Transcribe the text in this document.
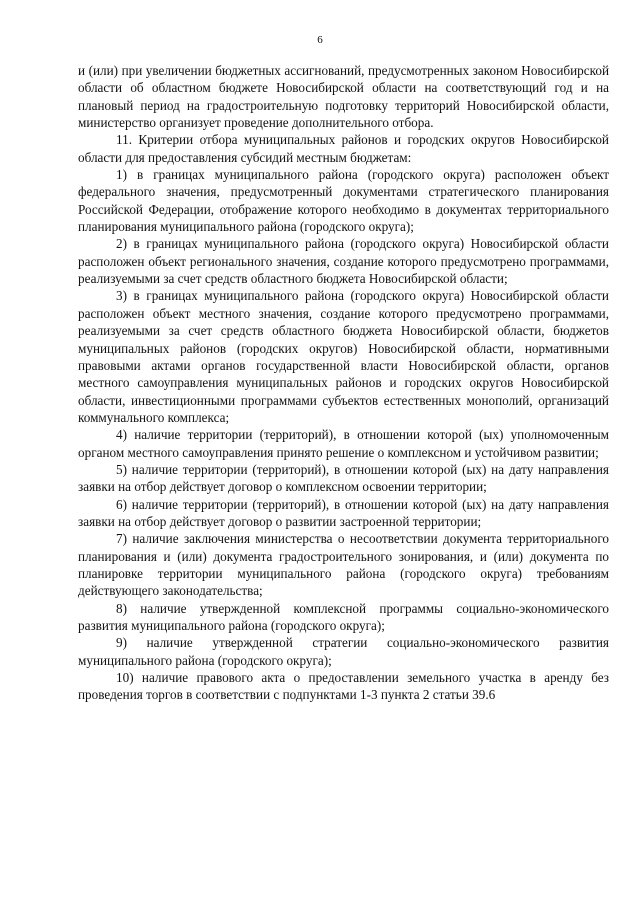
6

и (или) при увеличении бюджетных ассигнований, предусмотренных законом Новосибирской области об областном бюджете Новосибирской области на соответствующий год и на плановый период на градостроительную подготовку территорий Новосибирской области, министерство организует проведение дополнительного отбора.

11. Критерии отбора муниципальных районов и городских округов Новосибирской области для предоставления субсидий местным бюджетам:

1) в границах муниципального района (городского округа) расположен объект федерального значения, предусмотренный документами стратегического планирования Российской Федерации, отображение которого необходимо в документах территориального планирования муниципального района (городского округа);

2) в границах муниципального района (городского округа) Новосибирской области расположен объект регионального значения, создание которого предусмотрено программами, реализуемыми за счет средств областного бюджета Новосибирской области;

3) в границах муниципального района (городского округа) Новосибирской области расположен объект местного значения, создание которого предусмотрено программами, реализуемыми за счет средств областного бюджета Новосибирской области, бюджетов муниципальных районов (городских округов) Новосибирской области, нормативными правовыми актами органов государственной власти Новосибирской области, органов местного самоуправления муниципальных районов и городских округов Новосибирской области, инвестиционными программами субъектов естественных монополий, организаций коммунального комплекса;

4) наличие территории (территорий), в отношении которой (ых) уполномоченным органом местного самоуправления принято решение о комплексном и устойчивом развитии;

5) наличие территории (территорий), в отношении которой (ых) на дату направления заявки на отбор действует договор о комплексном освоении территории;

6) наличие территории (территорий), в отношении которой (ых) на дату направления заявки на отбор действует договор о развитии застроенной территории;

7) наличие заключения министерства о несоответствии документа территориального планирования и (или) документа градостроительного зонирования, и (или) документа по планировке территории муниципального района (городского округа) требованиям действующего законодательства;

8) наличие утвержденной комплексной программы социально-экономического развития муниципального района (городского округа);

9) наличие утвержденной стратегии социально-экономического развития муниципального района (городского округа);

10) наличие правового акта о предоставлении земельного участка в аренду без проведения торгов в соответствии с подпунктами 1-3 пункта 2 статьи 39.6
